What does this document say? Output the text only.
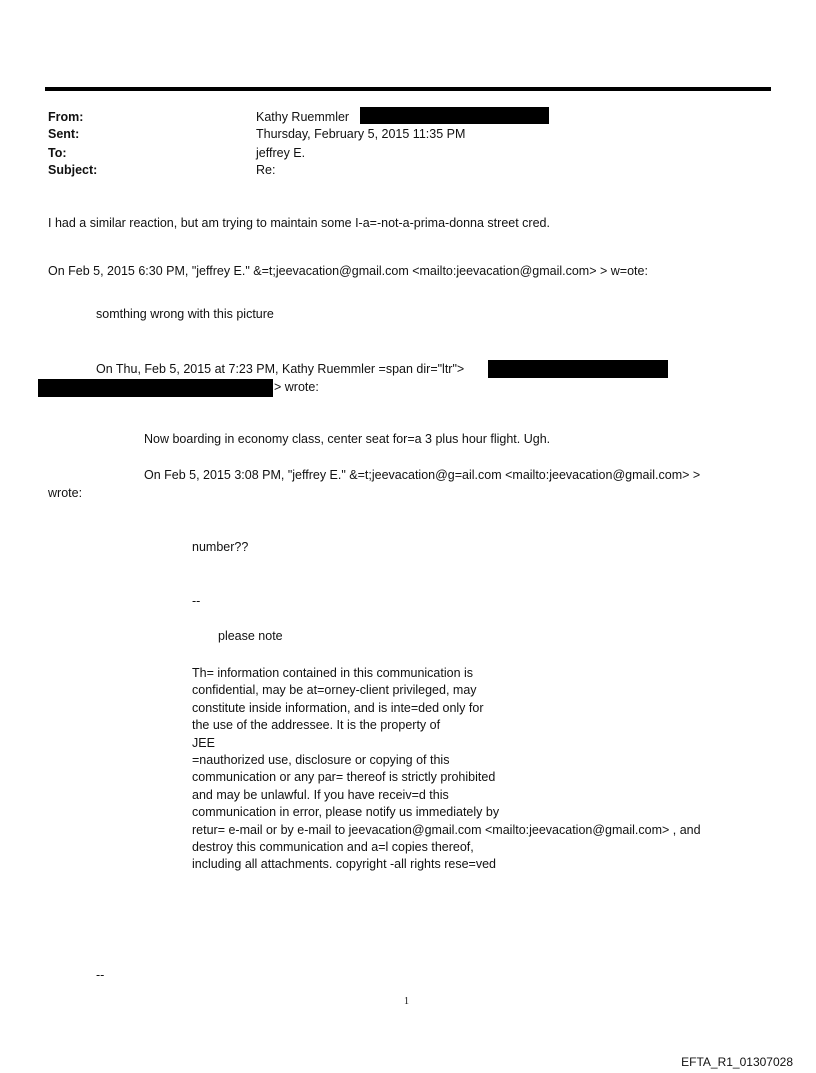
From:	Kathy Ruemmler
Sent:	Thursday, February 5, 2015 11:35 PM
To:	jeffrey E.
Subject:	Re:
I had a similar reaction, but am trying to maintain some I-a=-not-a-prima-donna street cred.
On Feb 5, 2015 6:30 PM, "jeffrey E." &=t;jeevacation@gmail.com <mailto:jeevacation@gmail.com> > w=ote:
somthing wrong with this picture
On Thu, Feb 5, 2015 at 7:23 PM, Kathy Ruemmler =span dir="ltr">
> wrote:
Now boarding in economy class, center seat for=a 3 plus hour flight. Ugh.
On Feb 5, 2015 3:08 PM, "jeffrey E." &=t;jeevacation@g=ail.com <mailto:jeevacation@gmail.com> >
wrote:
number??
--
please note
Th= information contained in this communication is
confidential, may be at=orney-client privileged, may
constitute inside information, and is inte=ded only for
the use of the addressee. It is the property of
JEE
=nauthorized use, disclosure or copying of this
communication or any par= thereof is strictly prohibited
and may be unlawful. If you have receiv=d this
communication in error, please notify us immediately by
retur= e-mail or by e-mail to jeevacation@gmail.com <mailto:jeevacation@gmail.com> , and
destroy this communication and a=l copies thereof,
including all attachments. copyright -all rights rese=ved
--
1
EFTA_R1_01307028
